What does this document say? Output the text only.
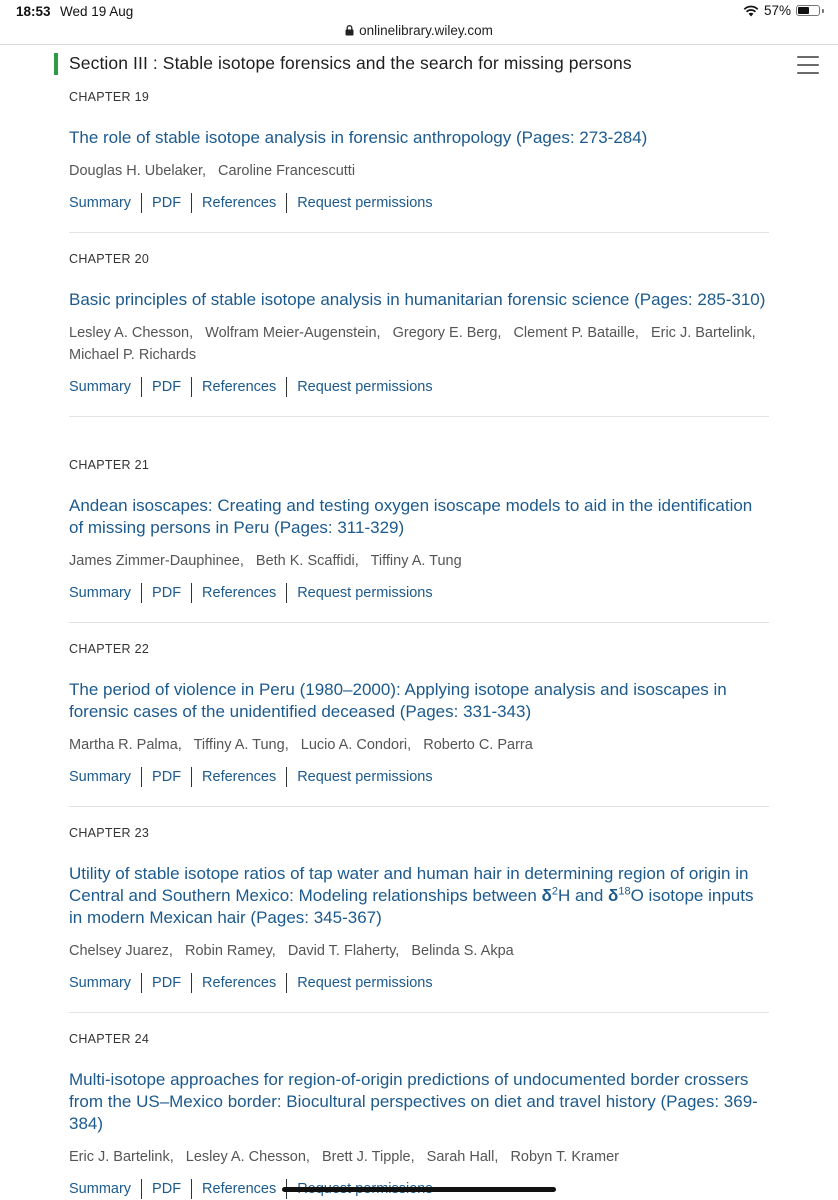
18:53 Wed 19 Aug	57%
onlinelibrary.wiley.com
Section III : Stable isotope forensics and the search for missing persons
CHAPTER 19
The role of stable isotope analysis in forensic anthropology (Pages: 273-284)
Douglas H. Ubelaker, Caroline Francescutti
Summary PDF References Request permissions
CHAPTER 20
Basic principles of stable isotope analysis in humanitarian forensic science (Pages: 285-310)
Lesley A. Chesson, Wolfram Meier-Augenstein, Gregory E. Berg, Clement P. Bataille, Eric J. Bartelink, Michael P. Richards
Summary PDF References Request permissions
CHAPTER 21
Andean isoscapes: Creating and testing oxygen isoscape models to aid in the identification of missing persons in Peru (Pages: 311-329)
James Zimmer-Dauphinee, Beth K. Scaffidi, Tiffiny A. Tung
Summary PDF References Request permissions
CHAPTER 22
The period of violence in Peru (1980–2000): Applying isotope analysis and isoscapes in forensic cases of the unidentified deceased (Pages: 331-343)
Martha R. Palma, Tiffiny A. Tung, Lucio A. Condori, Roberto C. Parra
Summary PDF References Request permissions
CHAPTER 23
Utility of stable isotope ratios of tap water and human hair in determining region of origin in Central and Southern Mexico: Modeling relationships between $\delta^2H$ and $\delta^{18}O$ isotope inputs in modern Mexican hair (Pages: 345-367)
Chelsey Juarez, Robin Ramey, David T. Flaherty, Belinda S. Akpa
Summary PDF References Request permissions
CHAPTER 24
Multi-isotope approaches for region-of-origin predictions of undocumented border crossers from the US–Mexico border: Biocultural perspectives on diet and travel history (Pages: 369-384)
Eric J. Bartelink, Lesley A. Chesson, Brett J. Tipple, Sarah Hall, Robyn T. Kramer
Summary PDF References
